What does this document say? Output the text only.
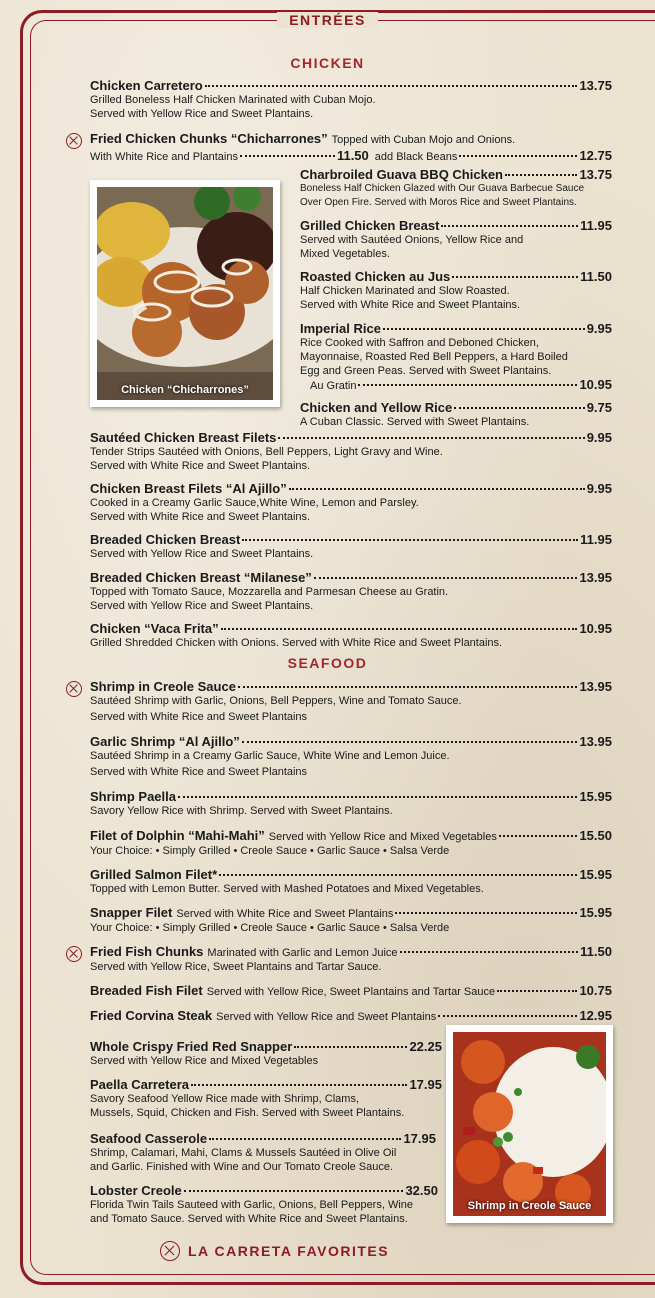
ENTRÉES
CHICKEN
Chicken Carretero	13.75
Grilled Boneless Half Chicken Marinated with Cuban Mojo.
Served with Yellow Rice and Sweet Plantains.
Fried Chicken Chunks “Chicharrones” Topped with Cuban Mojo and Onions.
With White Rice and Plantains	11.50 add Black Beans	12.75
Chicken “Chicharrones”
Charbroiled Guava BBQ Chicken	13.75
Boneless Half Chicken Glazed with Our Guava Barbecue Sauce
Over Open Fire. Served with Moros Rice and Sweet Plantains.
Grilled Chicken Breast	11.95
Served with Sautéed Onions, Yellow Rice and
Mixed Vegetables.
Roasted Chicken au Jus	11.50
Half Chicken Marinated and Slow Roasted.
Served with White Rice and Sweet Plantains.
Imperial Rice	9.95
Rice Cooked with Saffron and Deboned Chicken,
Mayonnaise, Roasted Red Bell Peppers, a Hard Boiled
Egg and Green Peas. Served with Sweet Plantains.
Au Gratin	10.95
Chicken and Yellow Rice	9.75
A Cuban Classic. Served with Sweet Plantains.
Sautéed Chicken Breast Filets	9.95
Tender Strips Sautéed with Onions, Bell Peppers, Light Gravy and Wine.
Served with White Rice and Sweet Plantains.
Chicken Breast Filets “Al Ajillo”	9.95
Cooked in a Creamy Garlic Sauce,White Wine, Lemon and Parsley.
Served with White Rice and Sweet Plantains.
Breaded Chicken Breast	11.95
Served with Yellow Rice and Sweet Plantains.
Breaded Chicken Breast “Milanese”	13.95
Topped with Tomato Sauce, Mozzarella and Parmesan Cheese au Gratin.
Served with Yellow Rice and Sweet Plantains.
Chicken “Vaca Frita”	10.95
Grilled Shredded Chicken with Onions. Served with White Rice and Sweet Plantains.
SEAFOOD
Shrimp in Creole Sauce	13.95
Sautéed Shrimp with Garlic, Onions, Bell Peppers, Wine and Tomato Sauce.
Served with White Rice and Sweet Plantains
Garlic Shrimp “Al Ajillo”	13.95
Sautéed Shrimp in a Creamy Garlic Sauce, White Wine and Lemon Juice.
Served with White Rice and Sweet Plantains
Shrimp Paella	15.95
Savory Yellow Rice with Shrimp. Served with Sweet Plantains.
Filet of Dolphin “Mahi-Mahi” Served with Yellow Rice and Mixed Vegetables	15.50
Your Choice: • Simply Grilled • Creole Sauce • Garlic Sauce • Salsa Verde
Grilled Salmon Filet*	15.95
Topped with Lemon Butter. Served with Mashed Potatoes and Mixed Vegetables.
Snapper Filet Served with White Rice and Sweet Plantains	15.95
Your Choice: • Simply Grilled • Creole Sauce • Garlic Sauce • Salsa Verde
Fried Fish Chunks Marinated with Garlic and Lemon Juice	11.50
Served with Yellow Rice, Sweet Plantains and Tartar Sauce.
Breaded Fish Filet Served with Yellow Rice, Sweet Plantains and Tartar Sauce	10.75
Fried Corvina Steak Served with Yellow Rice and Sweet Plantains	12.95
Shrimp in Creole Sauce
Whole Crispy Fried Red Snapper	22.25
Served with Yellow Rice and Mixed Vegetables
Paella Carretera	17.95
Savory Seafood Yellow Rice made with Shrimp, Clams,
Mussels, Squid, Chicken and Fish. Served with Sweet Plantains.
Seafood Casserole	17.95
Shrimp, Calamari, Mahi, Clams & Mussels Sautéed in Olive Oil
and Garlic. Finished with Wine and Our Tomato Creole Sauce.
Lobster Creole	32.50
Florida Twin Tails Sauteed with Garlic, Onions, Bell Peppers, Wine
and Tomato Sauce. Served with White Rice and Sweet Plantains.
LA CARRETA FAVORITES
